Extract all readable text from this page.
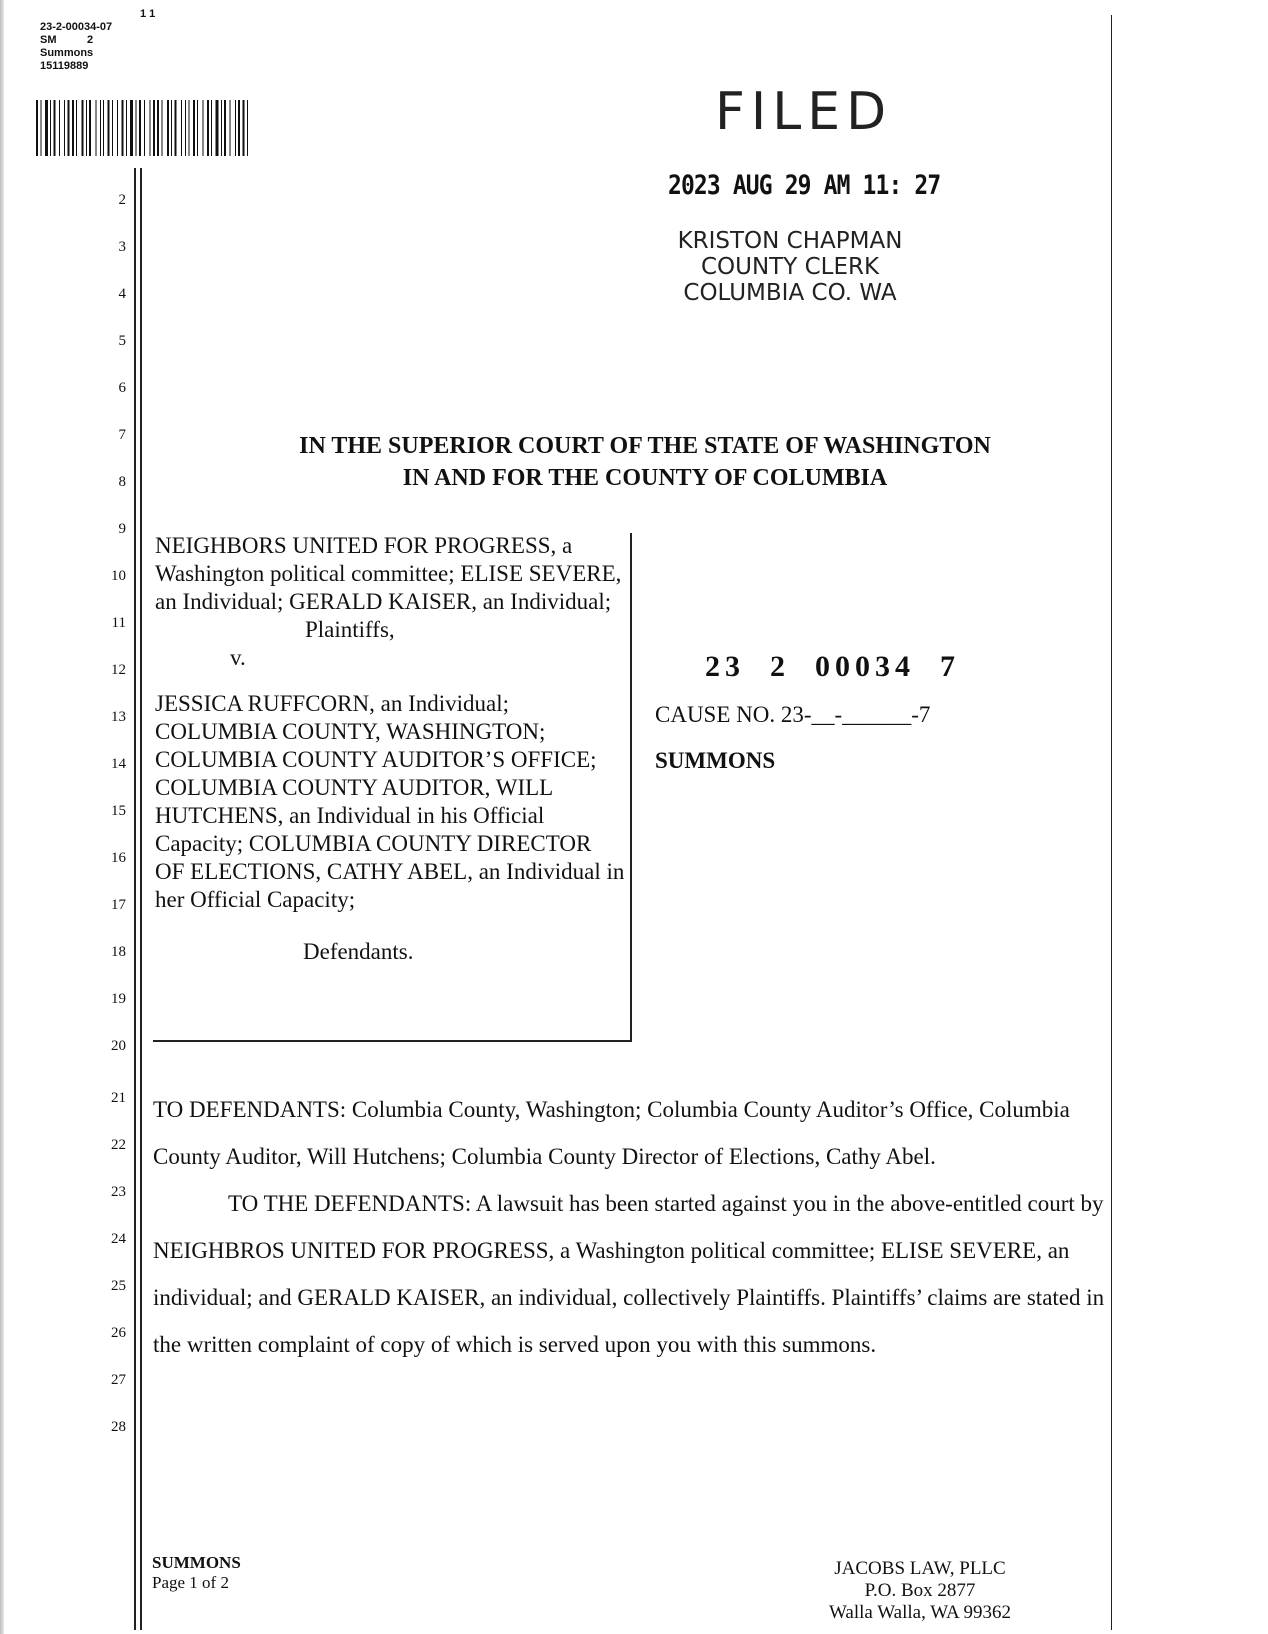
1 1
23-2-00034-07
SM          2
Summons
15119889
2
3
4
5
6
7
8
9
10
11
12
13
14
15
16
17
18
19
20
21
22
23
24
25
26
27
28
FILED
2023 AUG 29 AM 11: 27
KRISTON CHAPMAN
COUNTY CLERK
COLUMBIA CO. WA
IN THE SUPERIOR COURT OF THE STATE OF WASHINGTON
IN AND FOR THE COUNTY OF COLUMBIA
NEIGHBORS UNITED FOR PROGRESS, a Washington political committee; ELISE SEVERE, an Individual; GERALD KAISER, an Individual;
Plaintiffs,
v.
JESSICA RUFFCORN, an Individual; COLUMBIA COUNTY, WASHINGTON; COLUMBIA COUNTY AUDITOR’S OFFICE; COLUMBIA COUNTY AUDITOR, WILL HUTCHENS, an Individual in his Official Capacity; COLUMBIA COUNTY DIRECTOR OF ELECTIONS, CATHY ABEL, an Individual in her Official Capacity;
Defendants.
23  2  00034  7
CAUSE NO. 23-__-______-7
SUMMONS

TO DEFENDANTS: Columbia County, Washington; Columbia County Auditor’s Office, Columbia County Auditor, Will Hutchens; Columbia County Director of Elections, Cathy Abel.

TO THE DEFENDANTS: A lawsuit has been started against you in the above-entitled court by NEIGHBROS UNITED FOR PROGRESS, a Washington political committee; ELISE SEVERE, an individual; and GERALD KAISER, an individual, collectively Plaintiffs. Plaintiffs’ claims are stated in the written complaint of copy of which is served upon you with this summons.

SUMMONS
Page 1 of 2
JACOBS LAW, PLLC
P.O. Box 2877
Walla Walla, WA 99362
